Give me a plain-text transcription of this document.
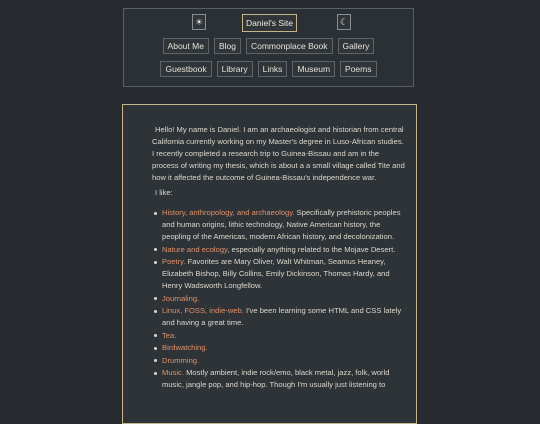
☀	Daniel's Site	☾
About Me	Blog	Commonplace Book	Gallery
Guestbook	Library	Links	Museum	Poems

Hello! My name is Daniel. I am an archaeologist and historian from central California currently working on my Master's degree in Luso-African studies. I recently completed a research trip to Guinea-Bissau and am in the process of writing my thesis, which is about a a small village called Tite and how it affected the outcome of Guinea-Bissau's independence war.

I like:

History, anthropology, and archaeology. Specifically prehistoric peoples and human origins, lithic technology, Native American history, the peopling of the Americas, modern African history, and decolonization.
Nature and ecology, especially anything related to the Mojave Desert.
Poetry. Favorites are Mary Oliver, Walt Whitman, Seamus Heaney, Elizabeth Bishop, Billy Collins, Emily Dickinson, Thomas Hardy, and Henry Wadsworth Longfellow.
Journaling.
Linux, FOSS, indie-web. I've been learning some HTML and CSS lately and having a great time.
Tea.
Birdwatching.
Drumming.
Music. Mostly ambient, indie rock/emo, black metal, jazz, folk, world music, jangle pop, and hip-hop. Though I'm usually just listening to
